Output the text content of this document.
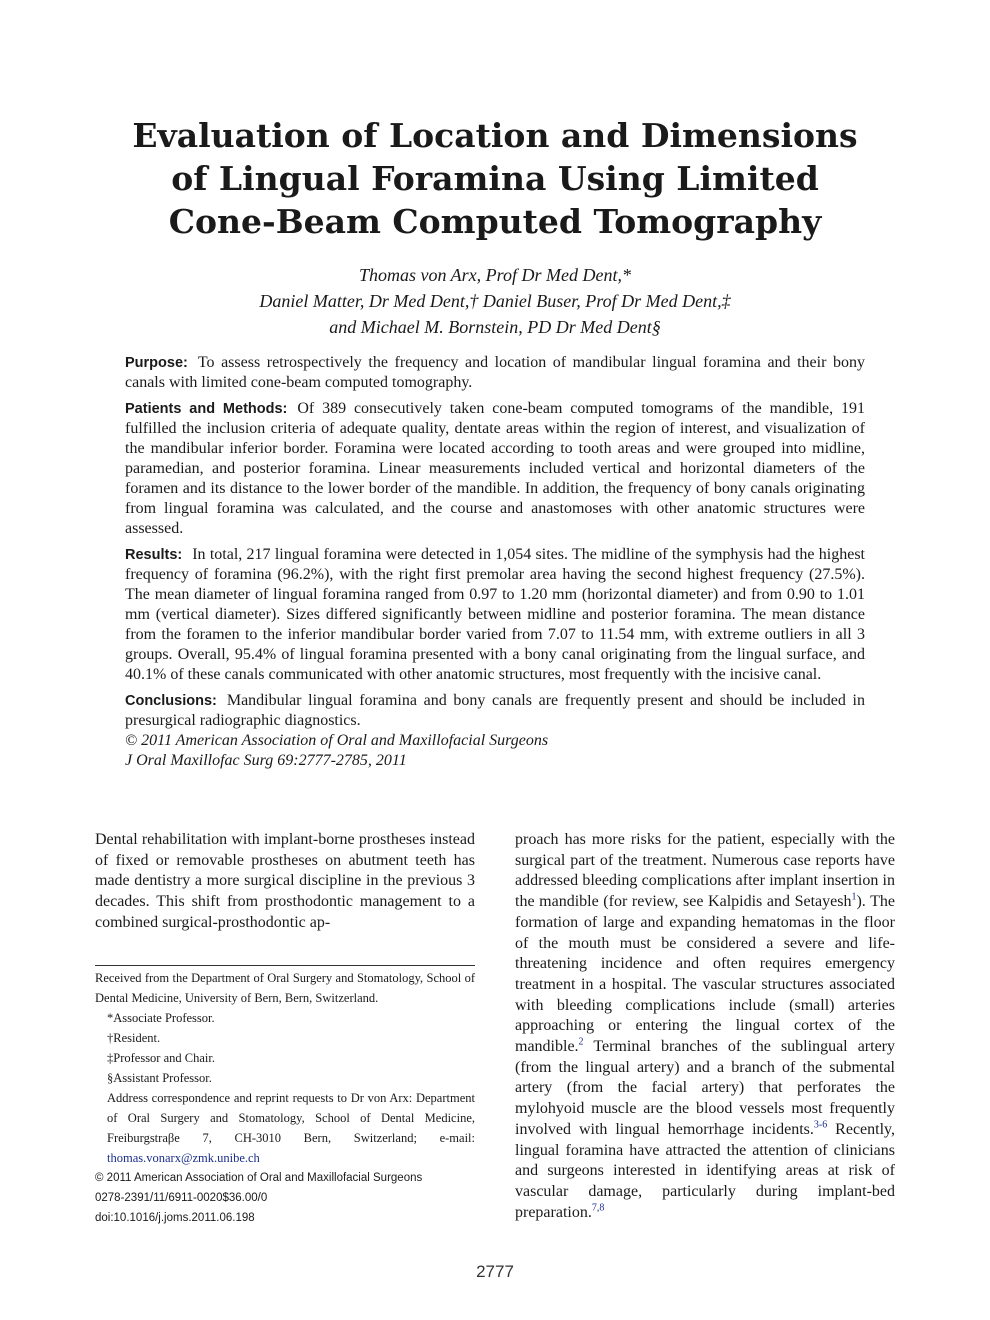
Evaluation of Location and Dimensions
of Lingual Foramina Using Limited
Cone-Beam Computed Tomography
Thomas von Arx, Prof Dr Med Dent,*
Daniel Matter, Dr Med Dent,† Daniel Buser, Prof Dr Med Dent,‡
and Michael M. Bornstein, PD Dr Med Dent§

Purpose: To assess retrospectively the frequency and location of mandibular lingual foramina and their bony canals with limited cone-beam computed tomography.

Patients and Methods: Of 389 consecutively taken cone-beam computed tomograms of the mandible, 191 fulfilled the inclusion criteria of adequate quality, dentate areas within the region of interest, and visualization of the mandibular inferior border. Foramina were located according to tooth areas and were grouped into midline, paramedian, and posterior foramina. Linear measurements included vertical and horizontal diameters of the foramen and its distance to the lower border of the mandible. In addition, the frequency of bony canals originating from lingual foramina was calculated, and the course and anastomoses with other anatomic structures were assessed.

Results: In total, 217 lingual foramina were detected in 1,054 sites. The midline of the symphysis had the highest frequency of foramina (96.2%), with the right first premolar area having the second highest frequency (27.5%). The mean diameter of lingual foramina ranged from 0.97 to 1.20 mm (horizontal diameter) and from 0.90 to 1.01 mm (vertical diameter). Sizes differed significantly between midline and posterior foramina. The mean distance from the foramen to the inferior mandibular border varied from 7.07 to 11.54 mm, with extreme outliers in all 3 groups. Overall, 95.4% of lingual foramina presented with a bony canal originating from the lingual surface, and 40.1% of these canals communicated with other anatomic structures, most frequently with the incisive canal.

Conclusions: Mandibular lingual foramina and bony canals are frequently present and should be included in presurgical radiographic diagnostics.

© 2011 American Association of Oral and Maxillofacial Surgeons

J Oral Maxillofac Surg 69:2777-2785, 2011

Dental rehabilitation with implant-borne prostheses instead of fixed or removable prostheses on abutment teeth has made dentistry a more surgical discipline in the previous 3 decades. This shift from prosthodontic management to a combined surgical-prosthodontic ap-

Received from the Department of Oral Surgery and Stomatology, School of Dental Medicine, University of Bern, Bern, Switzerland.

*Associate Professor.

†Resident.

‡Professor and Chair.

§Assistant Professor.

Address correspondence and reprint requests to Dr von Arx: Department of Oral Surgery and Stomatology, School of Dental Medicine, Freiburgstraβe 7, CH-3010 Bern, Switzerland; e-mail: thomas.vonarx@zmk.unibe.ch

© 2011 American Association of Oral and Maxillofacial Surgeons

0278-2391/11/6911-0020$36.00/0

doi:10.1016/j.joms.2011.06.198

proach has more risks for the patient, especially with the surgical part of the treatment. Numerous case reports have addressed bleeding complications after implant insertion in the mandible (for review, see Kalpidis and Setayesh$^1$). The formation of large and expanding hematomas in the floor of the mouth must be considered a severe and life-threatening incidence and often requires emergency treatment in a hospital. The vascular structures associated with bleeding complications include (small) arteries approaching or entering the lingual cortex of the mandible.$^2$ Terminal branches of the sublingual artery (from the lingual artery) and a branch of the submental artery (from the facial artery) that perforates the mylohyoid muscle are the blood vessels most frequently involved with lingual hemorrhage incidents.$^{3-6}$ Recently, lingual foramina have attracted the attention of clinicians and surgeons interested in identifying areas at risk of vascular damage, particularly during implant-bed preparation.$^{7,8}$

2777
